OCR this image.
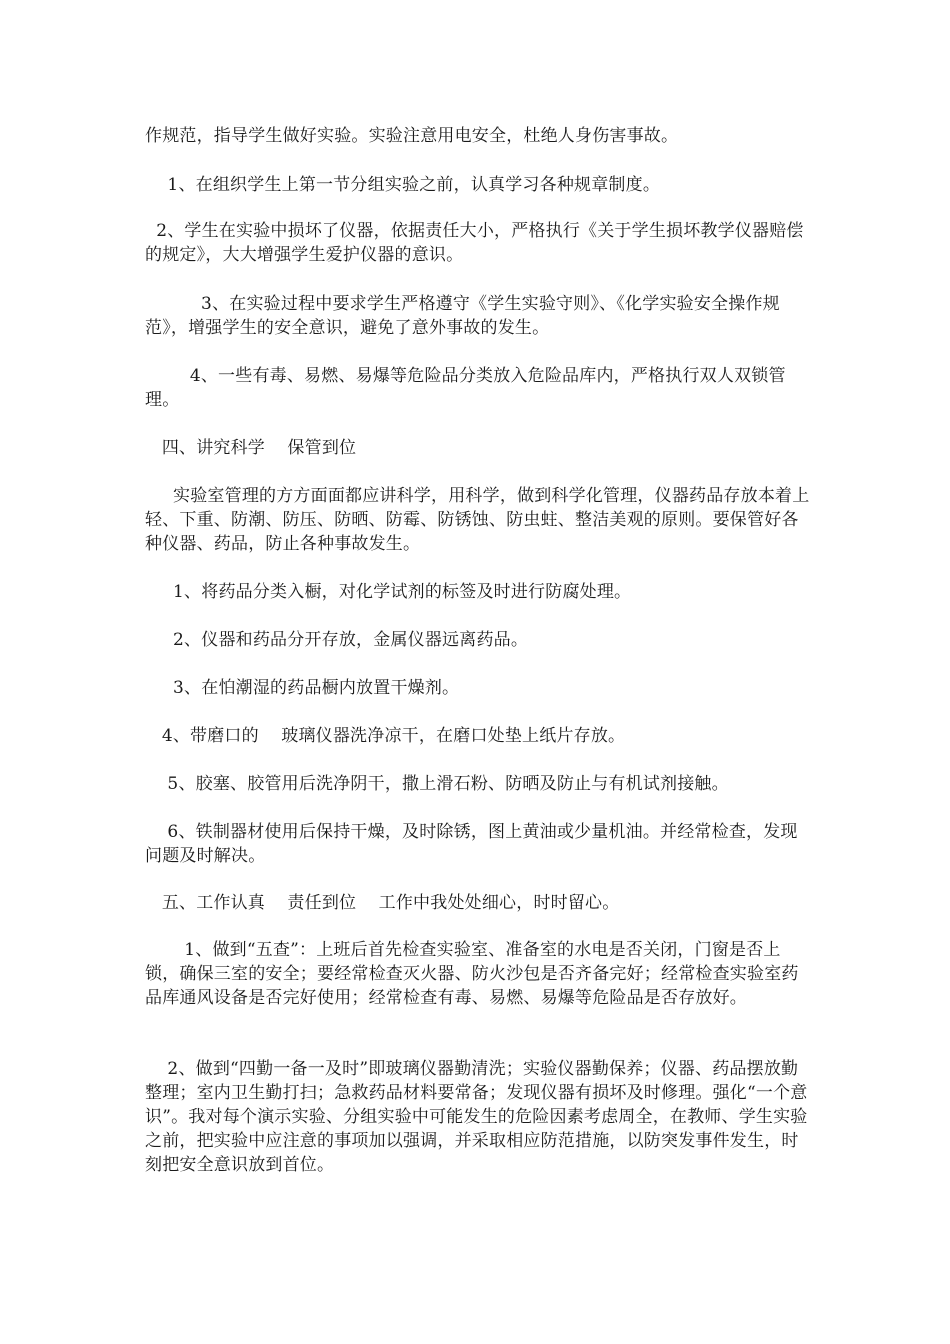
作规范，指导学生做好实验。实验注意用电安全，杜绝人身伤害事故。

1、在组织学生上第一节分组实验之前，认真学习各种规章制度。

2、学生在实验中损坏了仪器，依据责任大小，严格执行《关于学生损坏教学仪器赔偿的规定》，大大增强学生爱护仪器的意识。

3、在实验过程中要求学生严格遵守《学生实验守则》、《化学实验安全操作规范》，增强学生的安全意识，避免了意外事故的发生。

4、一些有毒、易燃、易爆等危险品分类放入危险品库内，严格执行双人双锁管理。

四、讲究科学    保管到位

实验室管理的方方面面都应讲科学，用科学，做到科学化管理，仪器药品存放本着上轻、下重、防潮、防压、防晒、防霉、防锈蚀、防虫蛀、整洁美观的原则。要保管好各种仪器、药品，防止各种事故发生。

1、将药品分类入橱，对化学试剂的标签及时进行防腐处理。

2、仪器和药品分开存放，金属仪器远离药品。

3、在怕潮湿的药品橱内放置干燥剂。

4、带磨口的    玻璃仪器洗净凉干，在磨口处垫上纸片存放。

5、胶塞、胶管用后洗净阴干，撒上滑石粉、防晒及防止与有机试剂接触。

6、铁制器材使用后保持干燥，及时除锈，图上黄油或少量机油。并经常检查，发现问题及时解决。

五、工作认真    责任到位    工作中我处处细心，时时留心。

1、做到“五查”：上班后首先检查实验室、准备室的水电是否关闭，门窗是否上锁，确保三室的安全；要经常检查灭火器、防火沙包是否齐备完好；经常检查实验室药品库通风设备是否完好使用；经常检查有毒、易燃、易爆等危险品是否存放好。

2、做到“四勤一备一及时”即玻璃仪器勤清洗；实验仪器勤保养；仪器、药品摆放勤整理；室内卫生勤打扫；急救药品材料要常备；发现仪器有损坏及时修理。强化“一个意识”。我对每个演示实验、分组实验中可能发生的危险因素考虑周全，在教师、学生实验之前，把实验中应注意的事项加以强调，并采取相应防范措施，以防突发事件发生，时刻把安全意识放到首位。
